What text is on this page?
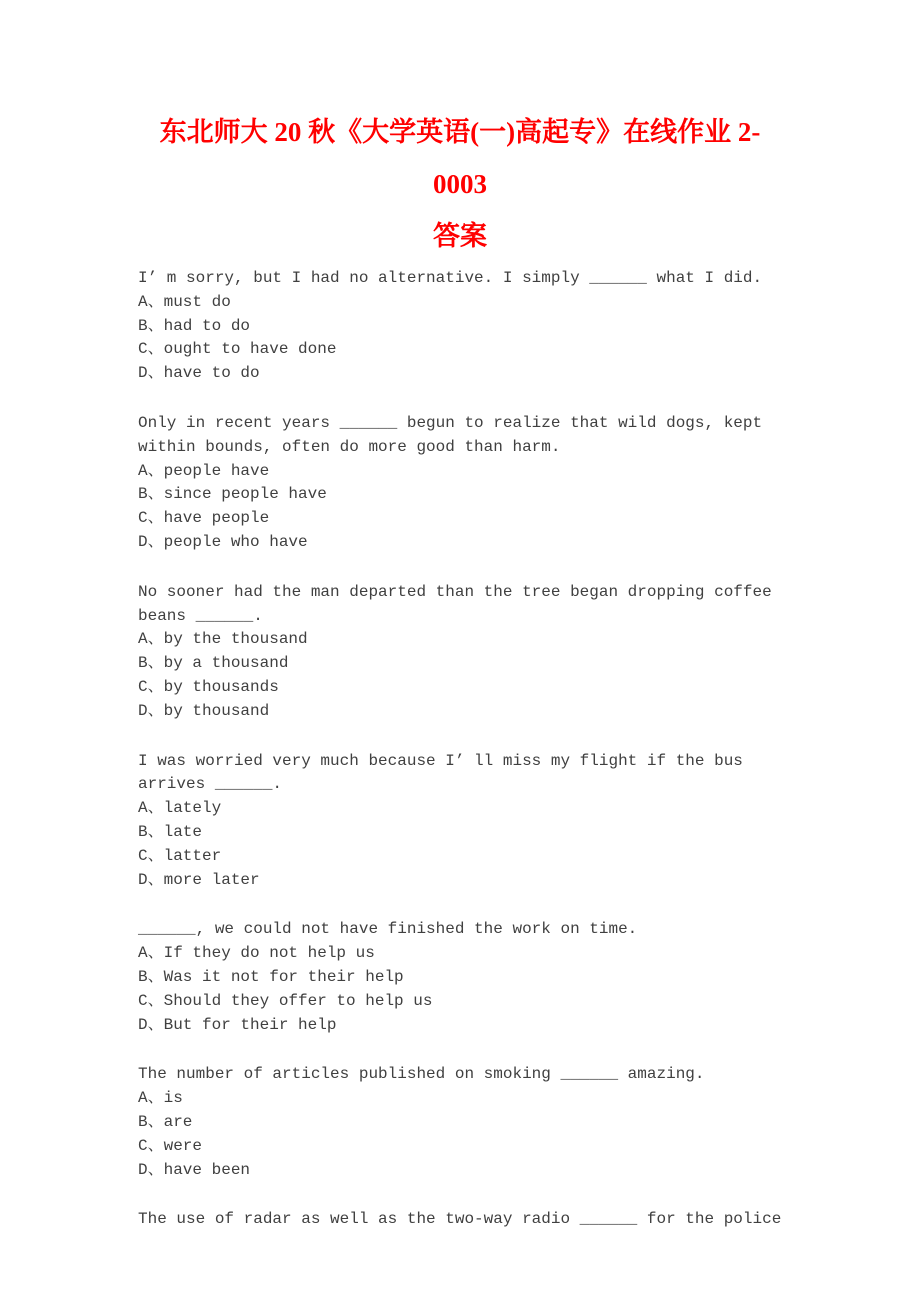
东北师大 20 秋《大学英语(一)高起专》在线作业 2-0003
答案

I’ m sorry, but I had no alternative. I simply ______ what I did.

A、must do

B、had to do

C、ought to have done

D、have to do

Only in recent years ______ begun to realize that wild dogs, kept within bounds, often do more good than harm.

A、people have

B、since people have

C、have people

D、people who have

No sooner had the man departed than the tree began dropping coffee beans ______.

A、by the thousand

B、by a thousand

C、by thousands

D、by thousand

I was worried very much because I’ ll miss my flight if the bus arrives ______.

A、lately

B、late

C、latter

D、more later

______, we could not have finished the work on time.

A、If they do not help us

B、Was it not for their help

C、Should they offer to help us

D、But for their help

The number of articles published on smoking ______ amazing.

A、is

B、are

C、were

D、have been

The use of radar as well as the two-way radio ______ for the police
